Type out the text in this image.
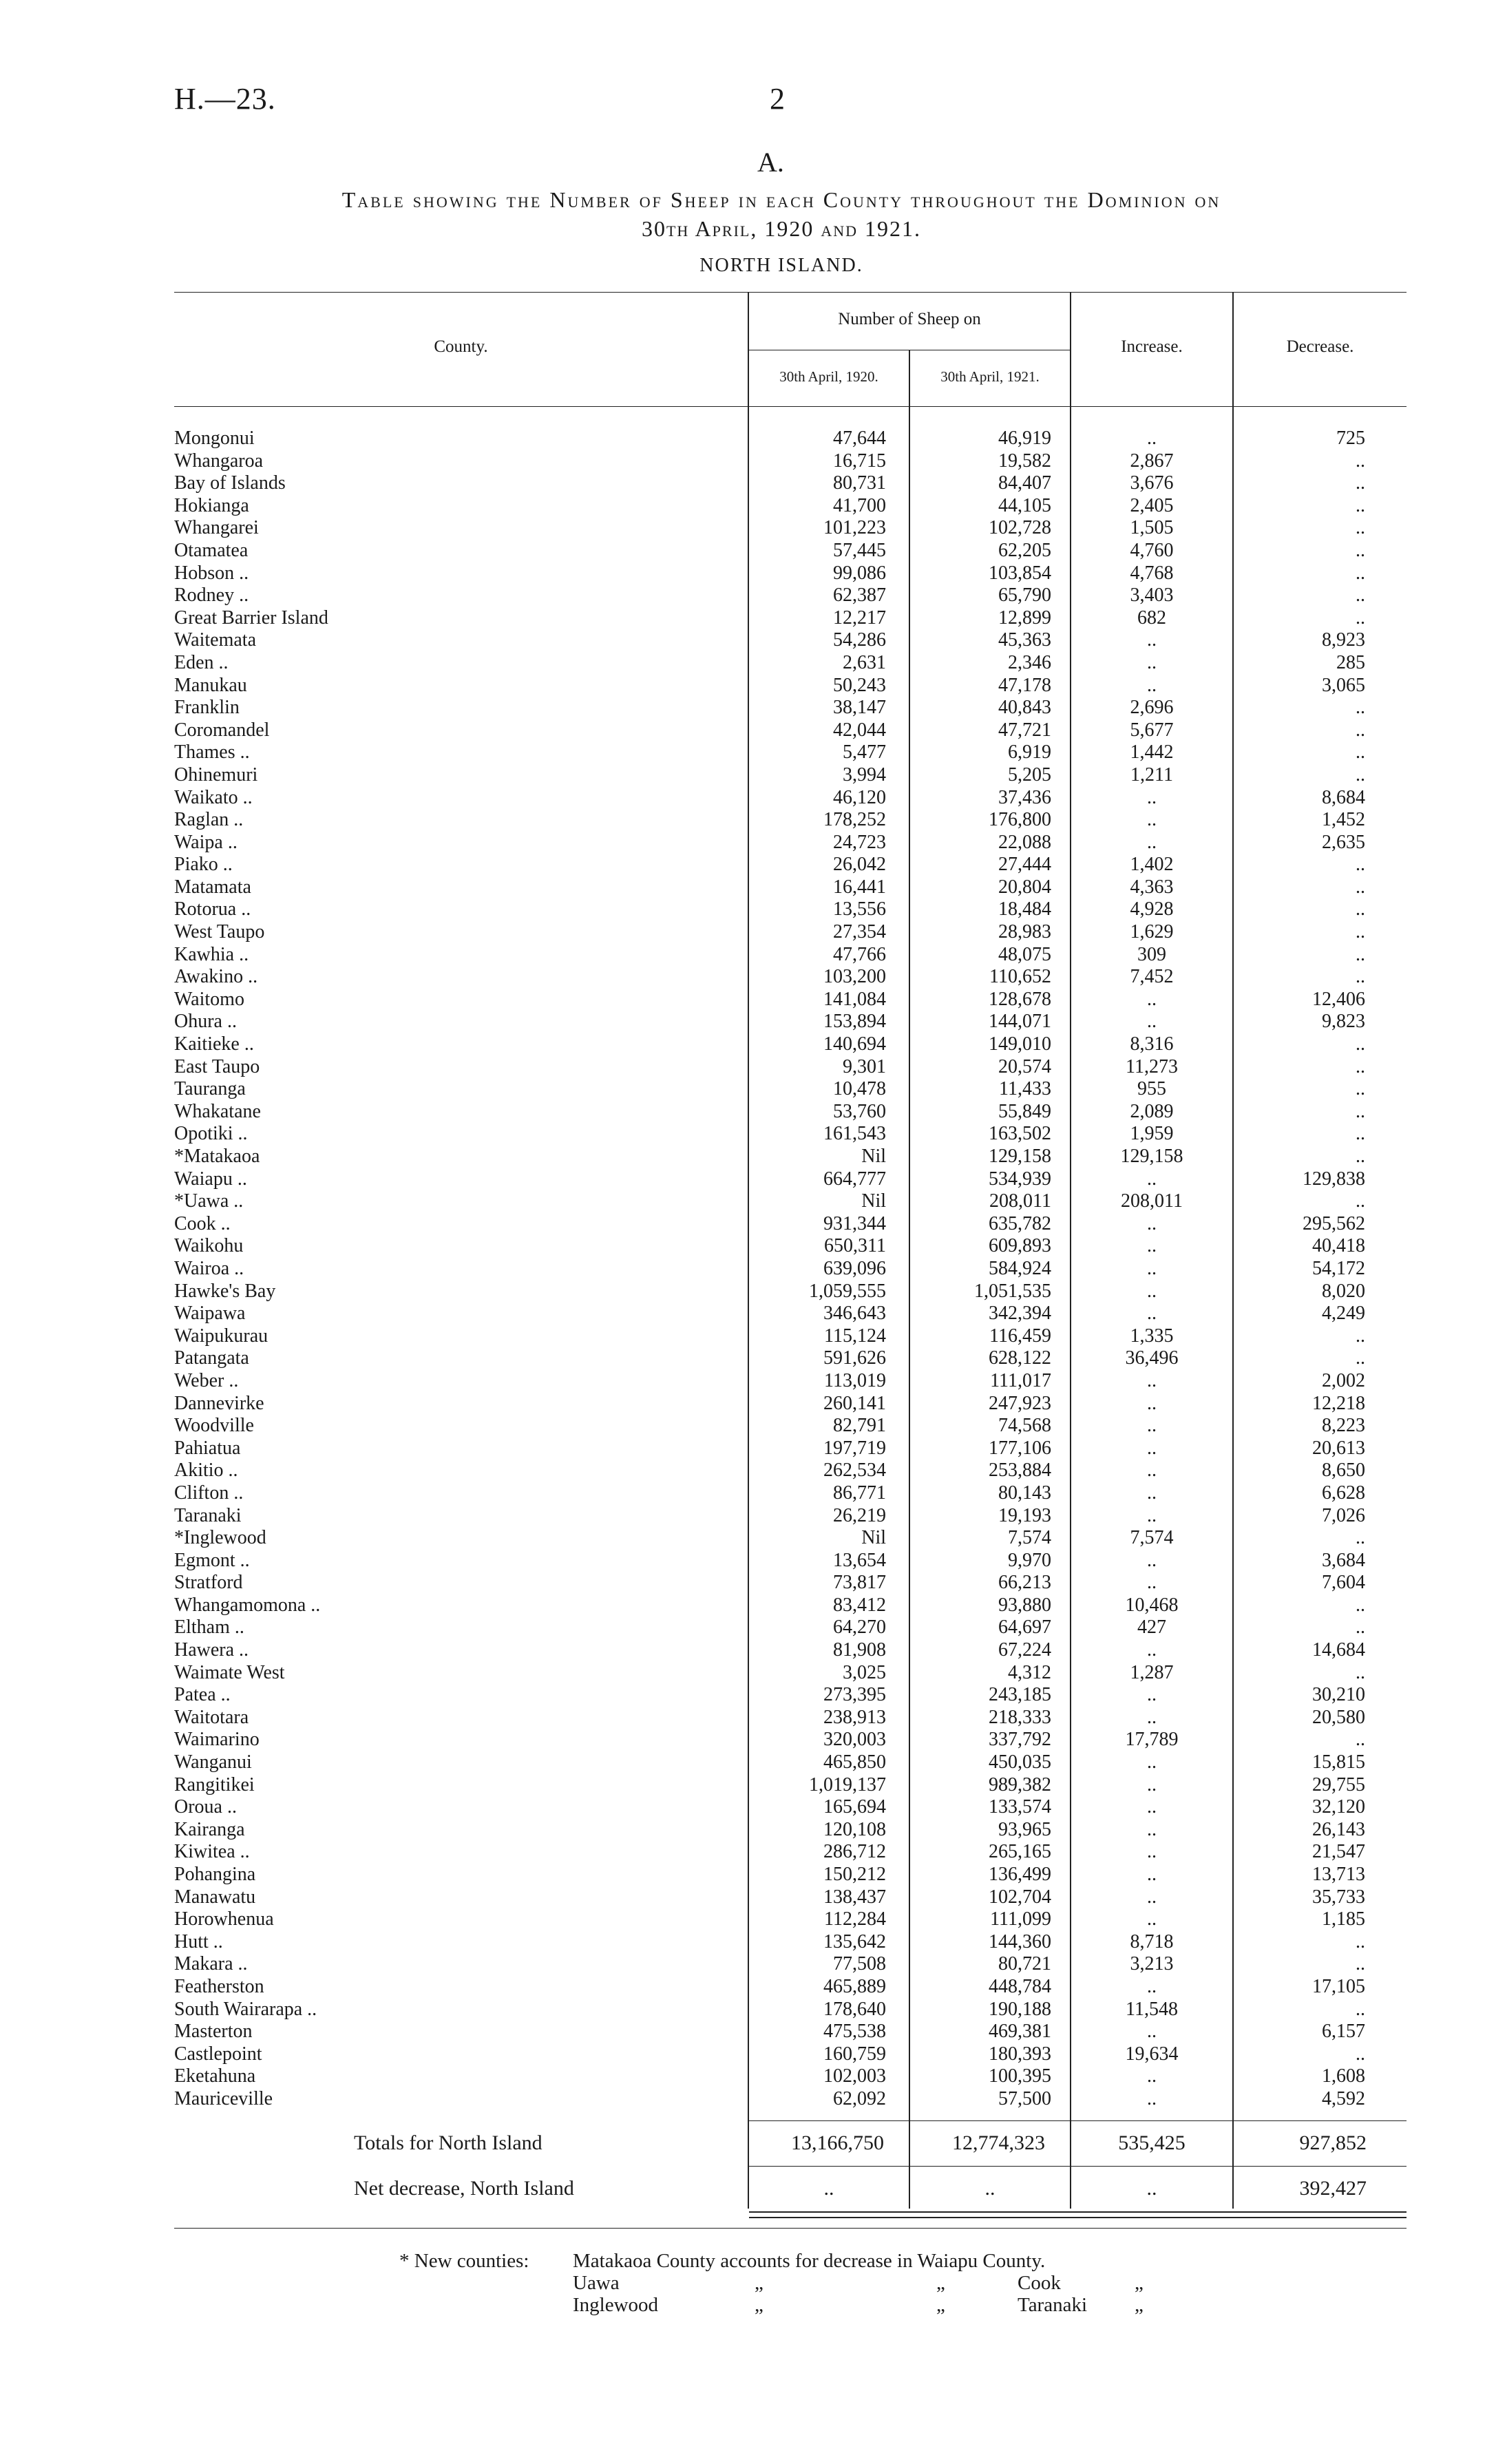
H.—23.	2
A.
Table showing the Number of Sheep in each County throughout the Dominion on
30th April, 1920 and 1921.
NORTH ISLAND.
County.
Number of Sheep on
30th April, 1920.	30th April, 1921.
Increase.	Decrease.
Mongonui	47,644	46,919	..	725
Whangaroa	16,715	19,582	2,867	..
Bay of Islands	80,731	84,407	3,676	..
Hokianga	41,700	44,105	2,405	..
Whangarei	101,223	102,728	1,505	..
Otamatea	57,445	62,205	4,760	..
Hobson ..	99,086	103,854	4,768	..
Rodney ..	62,387	65,790	3,403	..
Great Barrier Island	12,217	12,899	682	..
Waitemata	54,286	45,363	..	8,923
Eden ..	2,631	2,346	..	285
Manukau	50,243	47,178	..	3,065
Franklin	38,147	40,843	2,696	..
Coromandel	42,044	47,721	5,677	..
Thames ..	5,477	6,919	1,442	..
Ohinemuri	3,994	5,205	1,211	..
Waikato ..	46,120	37,436	..	8,684
Raglan ..	178,252	176,800	..	1,452
Waipa ..	24,723	22,088	..	2,635
Piako ..	26,042	27,444	1,402	..
Matamata	16,441	20,804	4,363	..
Rotorua ..	13,556	18,484	4,928	..
West Taupo	27,354	28,983	1,629	..
Kawhia ..	47,766	48,075	309	..
Awakino ..	103,200	110,652	7,452	..
Waitomo	141,084	128,678	..	12,406
Ohura ..	153,894	144,071	..	9,823
Kaitieke ..	140,694	149,010	8,316	..
East Taupo	9,301	20,574	11,273	..
Tauranga	10,478	11,433	955	..
Whakatane	53,760	55,849	2,089	..
Opotiki ..	161,543	163,502	1,959	..
*Matakaoa	Nil	129,158	129,158	..
Waiapu ..	664,777	534,939	..	129,838
*Uawa ..	Nil	208,011	208,011	..
Cook ..	931,344	635,782	..	295,562
Waikohu	650,311	609,893	..	40,418
Wairoa ..	639,096	584,924	..	54,172
Hawke's Bay	1,059,555	1,051,535	..	8,020
Waipawa	346,643	342,394	..	4,249
Waipukurau	115,124	116,459	1,335	..
Patangata	591,626	628,122	36,496	..
Weber ..	113,019	111,017	..	2,002
Dannevirke	260,141	247,923	..	12,218
Woodville	82,791	74,568	..	8,223
Pahiatua	197,719	177,106	..	20,613
Akitio ..	262,534	253,884	..	8,650
Clifton ..	86,771	80,143	..	6,628
Taranaki	26,219	19,193	..	7,026
*Inglewood	Nil	7,574	7,574	..
Egmont ..	13,654	9,970	..	3,684
Stratford	73,817	66,213	..	7,604
Whangamomona ..	83,412	93,880	10,468	..
Eltham ..	64,270	64,697	427	..
Hawera ..	81,908	67,224	..	14,684
Waimate West	3,025	4,312	1,287	..
Patea ..	273,395	243,185	..	30,210
Waitotara	238,913	218,333	..	20,580
Waimarino	320,003	337,792	17,789	..
Wanganui	465,850	450,035	..	15,815
Rangitikei	1,019,137	989,382	..	29,755
Oroua ..	165,694	133,574	..	32,120
Kairanga	120,108	93,965	..	26,143
Kiwitea ..	286,712	265,165	..	21,547
Pohangina	150,212	136,499	..	13,713
Manawatu	138,437	102,704	..	35,733
Horowhenua	112,284	111,099	..	1,185
Hutt ..	135,642	144,360	8,718	..
Makara ..	77,508	80,721	3,213	..
Featherston	465,889	448,784	..	17,105
South Wairarapa ..	178,640	190,188	11,548	..
Masterton	475,538	469,381	..	6,157
Castlepoint	160,759	180,393	19,634	..
Eketahuna	102,003	100,395	..	1,608
Mauriceville	62,092	57,500	..	4,592
Totals for North Island	13,166,750	12,774,323	535,425	927,852
Net decrease, North Island	..	..	..	392,427
* New counties: Matakaoa County accounts for decrease in Waiapu County.
Uawa	„	„	Cook	„
Inglewood	„	„	Taranaki „
